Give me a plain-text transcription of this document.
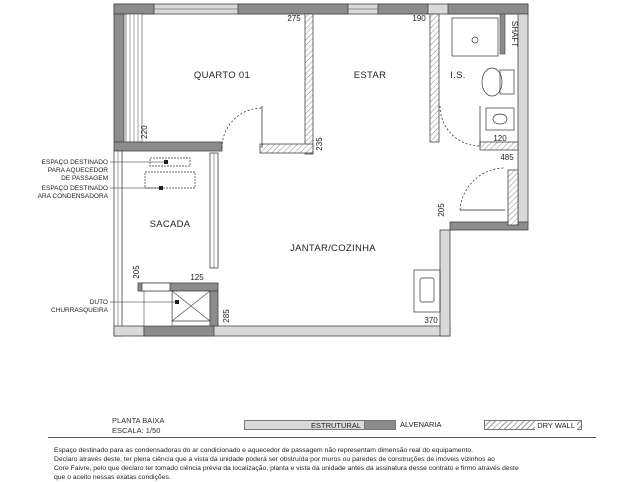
QUARTO 01	ESTAR	I.S.
SACADA
JANTAR/COZINHA
SHAFT
275	190
220
235	120
485
205
205	125
285	370
ESPAÇO DESTINADO
PARA AQUECEDOR
DE PASSAGEM
ESPAÇO DESTINADO
ARA CONDENSADORA
DUTO
CHURRASQUEIRA
PLANTA BAIXA
ESCALA: 1/50
ESTRUTURAL	ALVENARIA	DRY WALL
Espaço destinado para as condensadoras do ar condicionado e aquecedor de passagem não representam dimensão real do equipamento.
Declaro através deste, ter plena ciência que a vista da unidade poderá ser obstruída por muros ou paredes de construções de imóveis vizinhos ao
Core Faivre, pelo que declaro ter tomado ciência prévia da localização, planta e vista da unidade antes da assinatura desse contrato e firmo através deste
que o aceito nessas exatas condições.
